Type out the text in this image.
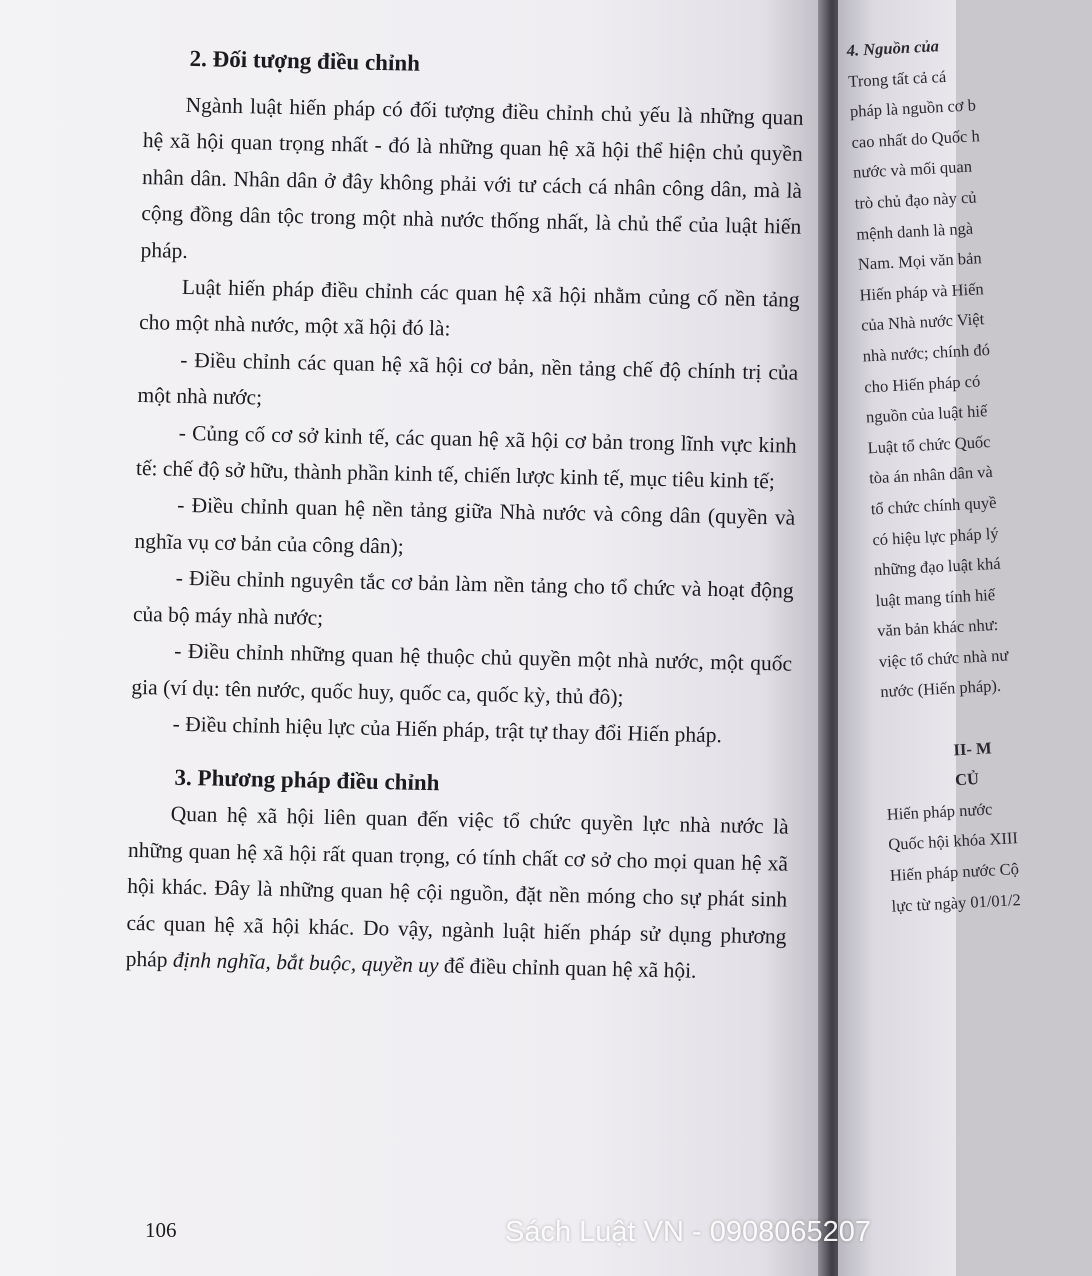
2. Đối tượng điều chỉnh

Ngành luật hiến pháp có đối tượng điều chỉnh chủ yếu là những quan hệ xã hội quan trọng nhất - đó là những quan hệ xã hội thể hiện chủ quyền nhân dân. Nhân dân ở đây không phải với tư cách cá nhân công dân, mà là cộng đồng dân tộc trong một nhà nước thống nhất, là chủ thể của luật hiến pháp.

Luật hiến pháp điều chỉnh các quan hệ xã hội nhằm củng cố nền tảng cho một nhà nước, một xã hội đó là:

- Điều chỉnh các quan hệ xã hội cơ bản, nền tảng chế độ chính trị của một nhà nước;

- Củng cố cơ sở kinh tế, các quan hệ xã hội cơ bản trong lĩnh vực kinh tế: chế độ sở hữu, thành phần kinh tế, chiến lược kinh tế, mục tiêu kinh tế;

- Điều chỉnh quan hệ nền tảng giữa Nhà nước và công dân (quyền và nghĩa vụ cơ bản của công dân);

- Điều chỉnh nguyên tắc cơ bản làm nền tảng cho tổ chức và hoạt động của bộ máy nhà nước;

- Điều chỉnh những quan hệ thuộc chủ quyền một nhà nước, một quốc gia (ví dụ: tên nước, quốc huy, quốc ca, quốc kỳ, thủ đô);

- Điều chỉnh hiệu lực của Hiến pháp, trật tự thay đổi Hiến pháp.

3. Phương pháp điều chỉnh

Quan hệ xã hội liên quan đến việc tổ chức quyền lực nhà nước là những quan hệ xã hội rất quan trọng, có tính chất cơ sở cho mọi quan hệ xã hội khác. Đây là những quan hệ cội nguồn, đặt nền móng cho sự phát sinh các quan hệ xã hội khác. Do vậy, ngành luật hiến pháp sử dụng phương pháp định nghĩa, bắt buộc, quyền uy để điều chỉnh quan hệ xã hội.

106
4. Nguồn của
Trong tất cả cá
pháp là nguồn cơ b
cao nhất do Quốc h
nước và mối quan
trò chủ đạo này củ
mệnh danh là ngà
Nam. Mọi văn bản
Hiến pháp và Hiến
của Nhà nước Việt
nhà nước; chính đó
cho Hiến pháp có
nguồn của luật hiế
Luật tổ chức Quốc
tòa án nhân dân và
tổ chức chính quyề
có hiệu lực pháp lý
những đạo luật khá
luật mang tính hiế
văn bản khác như:
việc tổ chức nhà nư
nước (Hiến pháp).

II- M
CỦ
Hiến pháp nước
Quốc hội khóa XIII
Hiến pháp nước Cộ
lực từ ngày 01/01/2
Sách Luật VN - 0908065207
